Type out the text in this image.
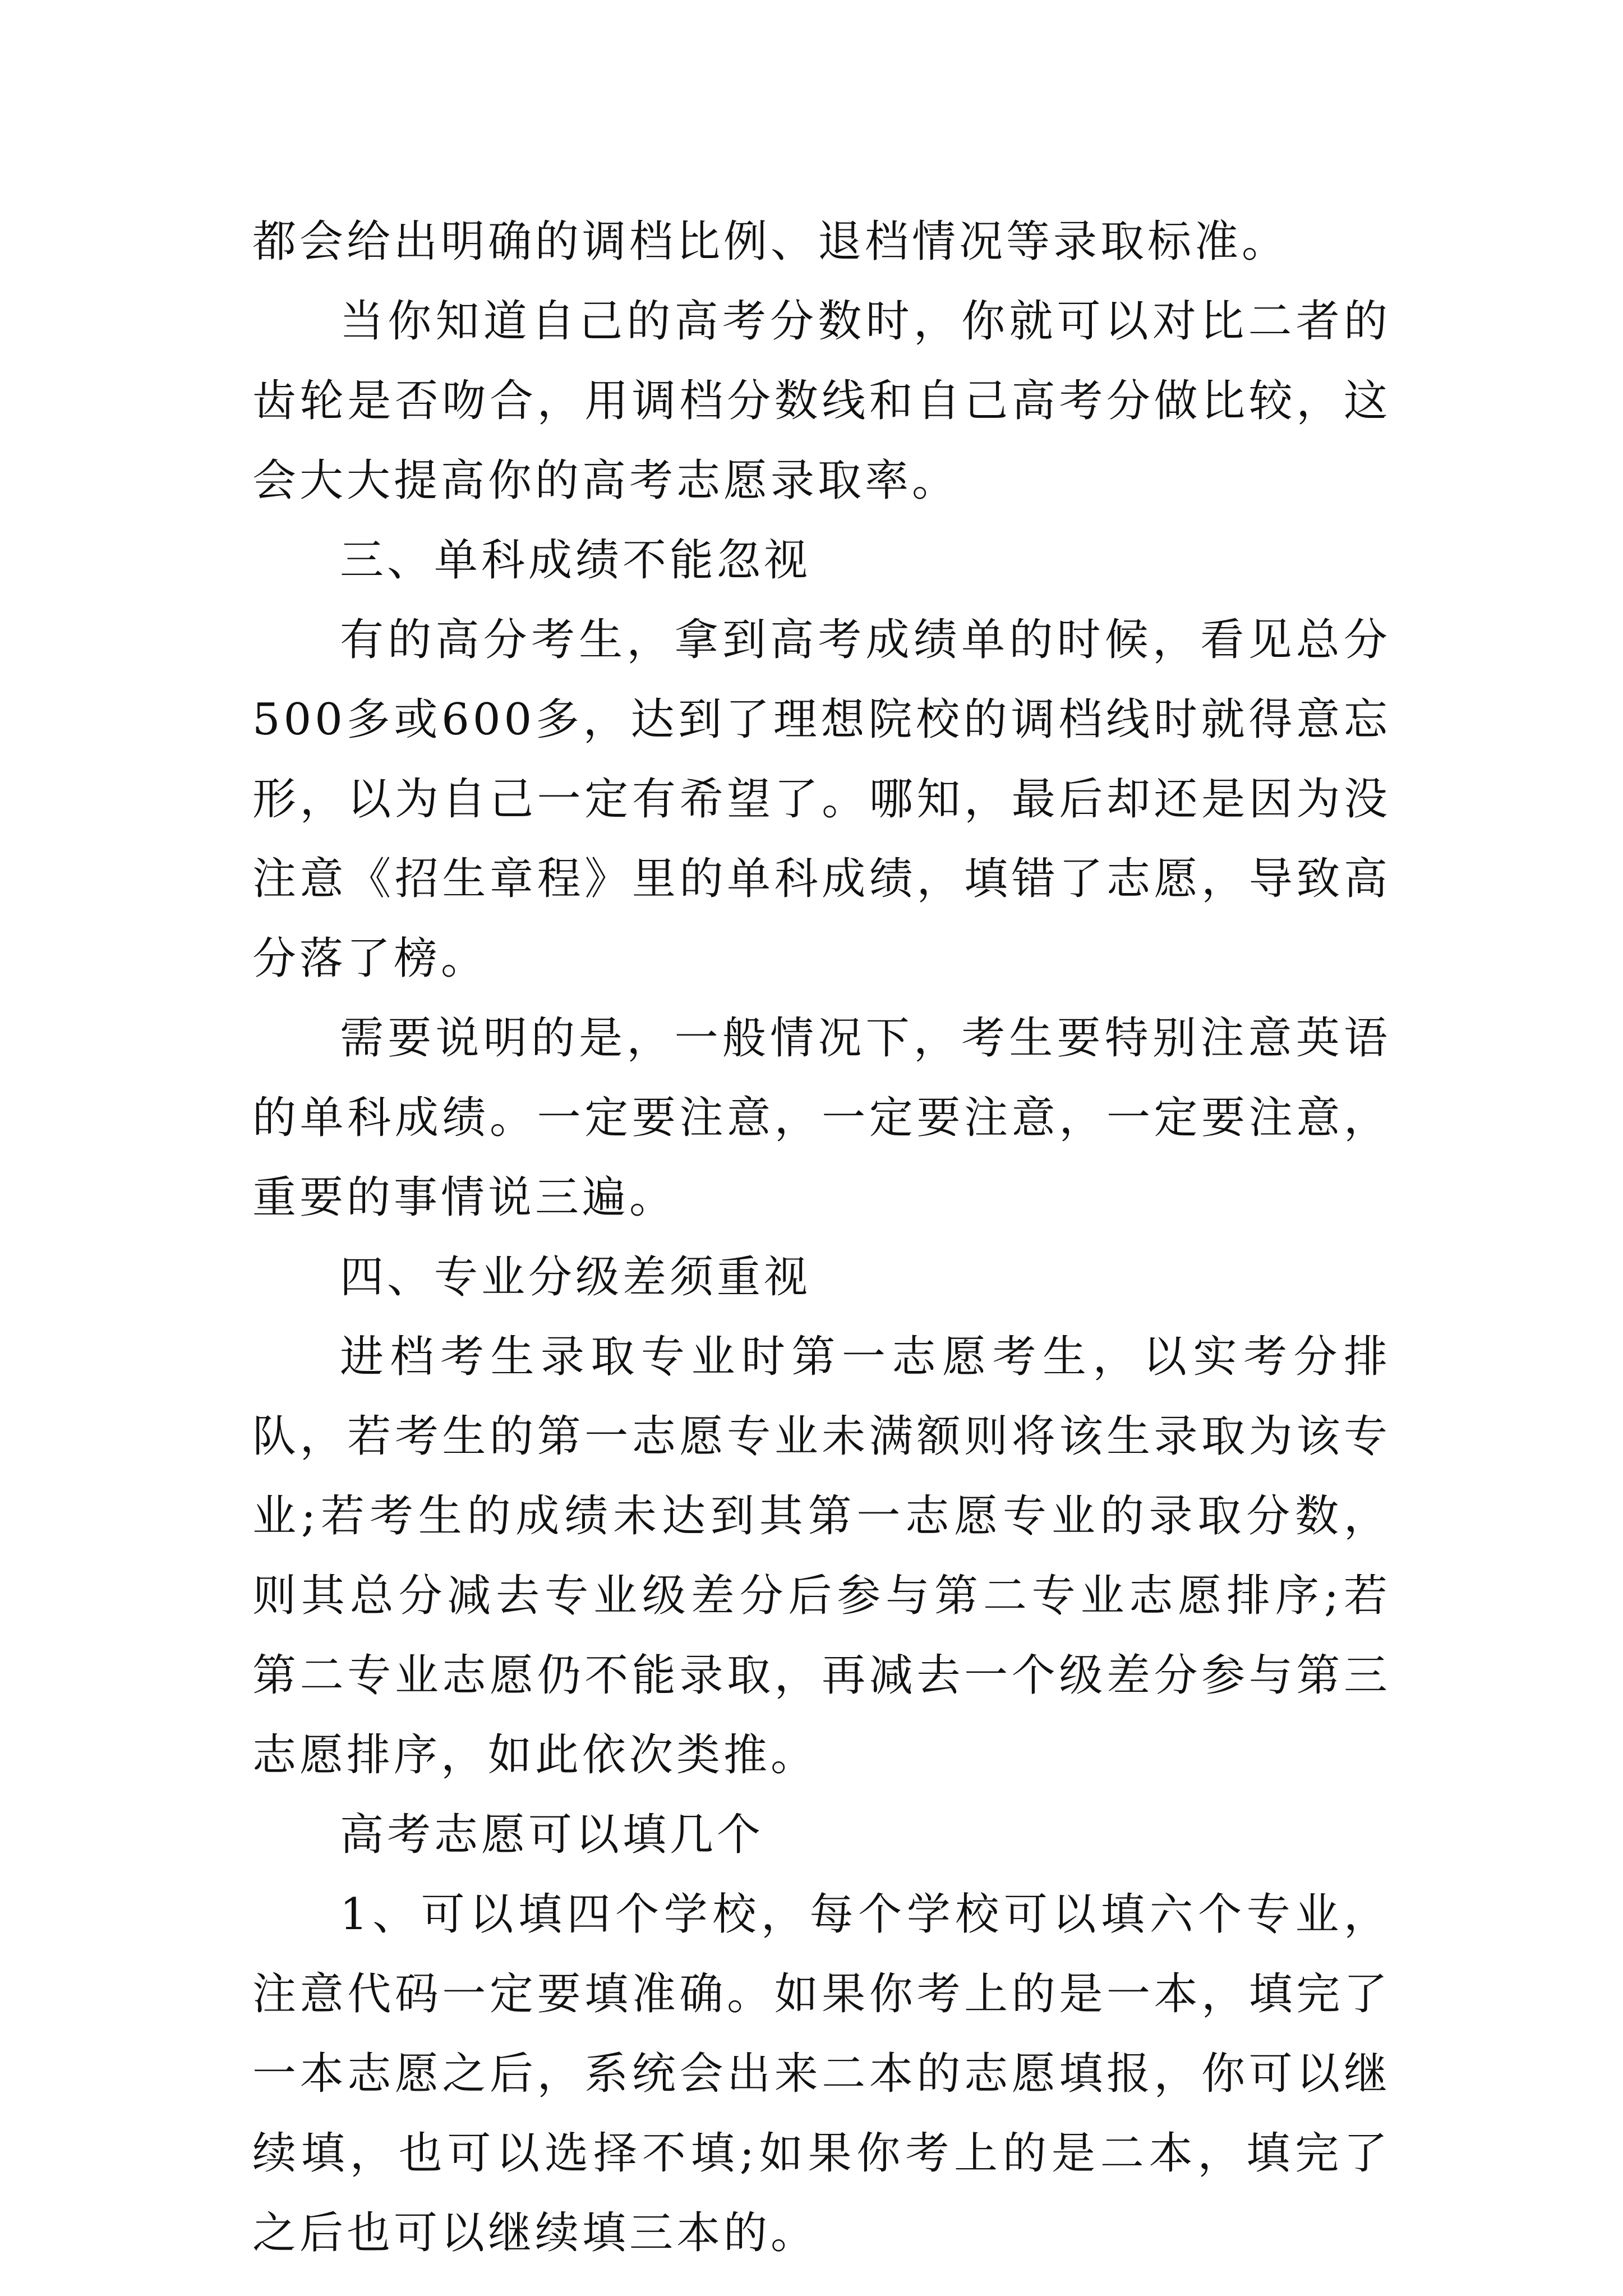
都会给出明确的调档比例、退档情况等录取标准。

当你知道自己的高考分数时，你就可以对比二者的齿轮是否吻合，用调档分数线和自己高考分做比较，这会大大提高你的高考志愿录取率。

三、单科成绩不能忽视

有的高分考生，拿到高考成绩单的时候，看见总分500多或600多，达到了理想院校的调档线时就得意忘形，以为自己一定有希望了。哪知，最后却还是因为没注意《招生章程》里的单科成绩，填错了志愿，导致高分落了榜。

需要说明的是，一般情况下，考生要特别注意英语的单科成绩。一定要注意，一定要注意，一定要注意，重要的事情说三遍。

四、专业分级差须重视

进档考生录取专业时第一志愿考生，以实考分排队，若考生的第一志愿专业未满额则将该生录取为该专业;若考生的成绩未达到其第一志愿专业的录取分数，则其总分减去专业级差分后参与第二专业志愿排序;若第二专业志愿仍不能录取，再减去一个级差分参与第三志愿排序，如此依次类推。

高考志愿可以填几个

1、可以填四个学校，每个学校可以填六个专业，注意代码一定要填准确。如果你考上的是一本，填完了一本志愿之后，系统会出来二本的志愿填报，你可以继续填，也可以选择不填;如果你考上的是二本，填完了之后也可以继续填三本的。
